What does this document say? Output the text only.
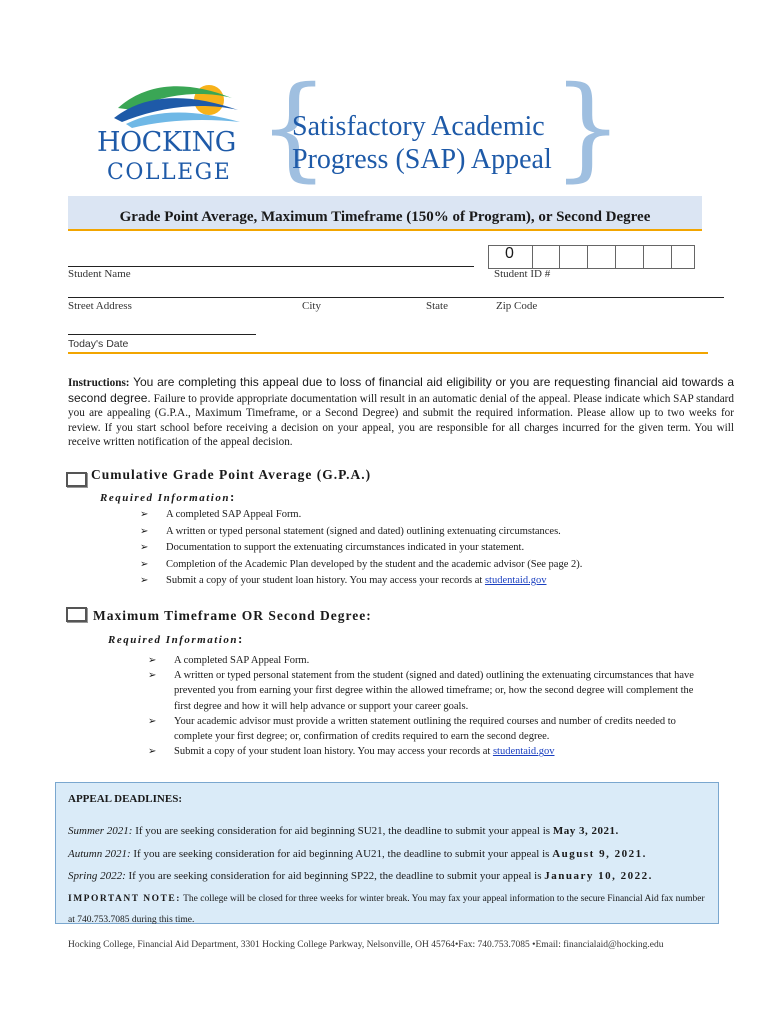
HOCKING
COLLEGE {
Satisfactory Academic
Progress (SAP) Appeal }
Grade Point Average, Maximum Timeframe (150% of Program), or Second Degree
Student Name
0
Student ID #
Street Address	City	State	Zip Code
Today's Date
Instructions: You are completing this appeal due to loss of financial aid eligibility or you are requesting financial aid towards a second degree. Failure to provide appropriate documentation will result in an automatic denial of the appeal. Please indicate which SAP standard you are appealing (G.P.A., Maximum Timeframe, or a Second Degree) and submit the required information. Please allow up to two weeks for review. If you start school before receiving a decision on your appeal, you are responsible for all charges incurred for the given term. You will receive written notification of the appeal decision.
Cumulative Grade Point Average (G.P.A.)
Required Information:
➢ A completed SAP Appeal Form.
➢ A written or typed personal statement (signed and dated) outlining extenuating circumstances.
➢ Documentation to support the extenuating circumstances indicated in your statement.
➢ Completion of the Academic Plan developed by the student and the academic advisor (See page 2).
➢ Submit a copy of your student loan history. You may access your records at studentaid.gov
Maximum Timeframe OR Second Degree:
Required Information:
➢ A completed SAP Appeal Form.
➢ A written or typed personal statement from the student (signed and dated) outlining the extenuating circumstances that have prevented you from earning your first degree within the allowed timeframe; or, how the second degree will complement the first degree and how it will help advance or support your career goals.
➢ Your academic advisor must provide a written statement outlining the required courses and number of credits needed to complete your first degree; or, confirmation of credits required to earn the second degree.
➢ Submit a copy of your student loan history. You may access your records at studentaid.gov
APPEAL DEADLINES:
Summer 2021: If you are seeking consideration for aid beginning SU21, the deadline to submit your appeal is May 3, 2021.
Autumn 2021: If you are seeking consideration for aid beginning AU21, the deadline to submit your appeal is August 9, 2021.
Spring 2022: If you are seeking consideration for aid beginning SP22, the deadline to submit your appeal is January 10, 2022.
IMPORTANT NOTE: The college will be closed for three weeks for winter break. You may fax your appeal information to the secure Financial Aid fax number at 740.753.7085 during this time.
Hocking College, Financial Aid Department, 3301 Hocking College Parkway, Nelsonville, OH 45764•Fax: 740.753.7085 •Email: financialaid@hocking.edu
